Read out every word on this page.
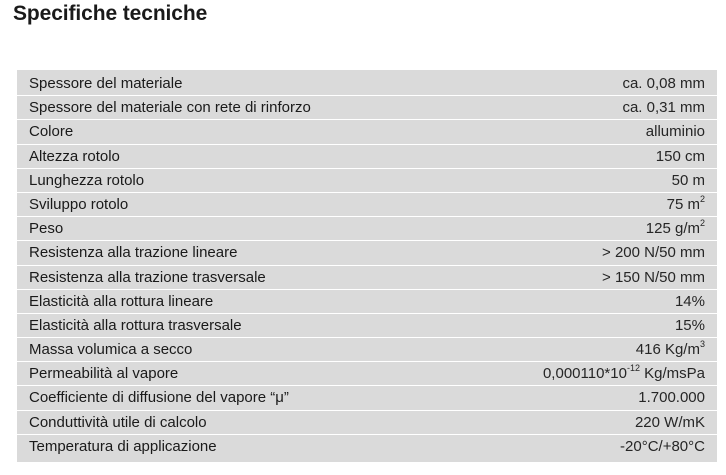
Specifiche tecniche
Spessore del materiale	ca. 0,08 mm
Spessore del materiale con rete di rinforzo	ca. 0,31 mm
Colore	alluminio
Altezza rotolo	150 cm
Lunghezza rotolo	50 m
Sviluppo rotolo	75 $m^2$
Peso	125 $g/m^2$
Resistenza alla trazione lineare	> 200 N/50 mm
Resistenza alla trazione trasversale	> 150 N/50 mm
Elasticità alla rottura lineare	14%
Elasticità alla rottura trasversale	15%
Massa volumica a secco	416 $Kg/m^3$
Permeabilità al vapore	$0,000110*10^{-12}$ Kg/msPa
Coefficiente di diffusione del vapore “μ”	1.700.000
Conduttività utile di calcolo	220 W/mK
Temperatura di applicazione	-20°C/+80°C
